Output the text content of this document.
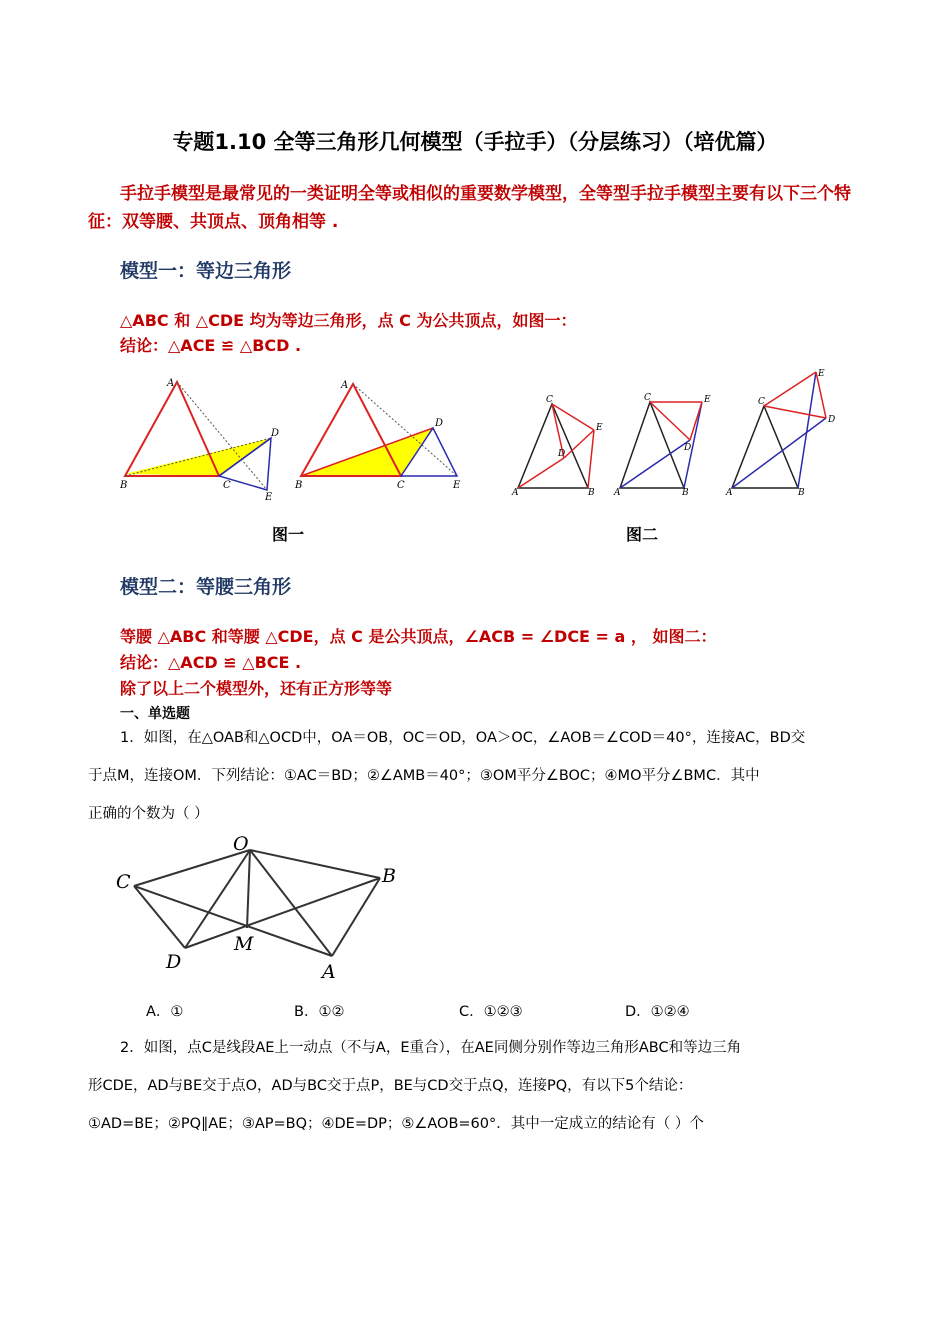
专题1.10 全等三角形几何模型（手拉手）（分层练习）（培优篇）
手拉手模型是最常见的一类证明全等或相似的重要数学模型，全等型手拉手模型主要有以下三个特征：双等腰、共顶点、顶角相等 .
模型一：等边三角形
△ABC 和 △CDE 均为等边三角形，点 C 为公共顶点，如图一：
结论：△ACE ≌ △BCD .
A
B	C
D
E
A
B	C
D
E
C
E
D
A	B
C	E
D
A	B
C
E
D
A	B
图一	图二
模型二：等腰三角形
等腰 △ABC 和等腰 △CDE，点 C 是公共顶点，∠ACB = ∠DCE = a ， 如图二：
结论：△ACD ≌ △BCE .
除了以上二个模型外，还有正方形等等
一、单选题
1．如图，在△OAB和△OCD中，OA＝OB，OC＝OD，OA＞OC，∠AOB＝∠COD＝40°，连接AC，BD交
于点M，连接OM．下列结论：①AC＝BD；②∠AMB＝40°；③OM平分∠BOC；④MO平分∠BMC．其中
正确的个数为（ ）
O
C	B
D
M
A
A．①	B．①②	C．①②③	D．①②④
2．如图，点C是线段AE上一动点（不与A，E重合），在AE同侧分别作等边三角形ABC和等边三角
形CDE，AD与BE交于点O，AD与BC交于点P，BE与CD交于点Q，连接PQ，有以下5个结论：
①AD=BE；②PQ∥AE；③AP=BQ；④DE=DP；⑤∠AOB=60°．其中一定成立的结论有（ ）个
